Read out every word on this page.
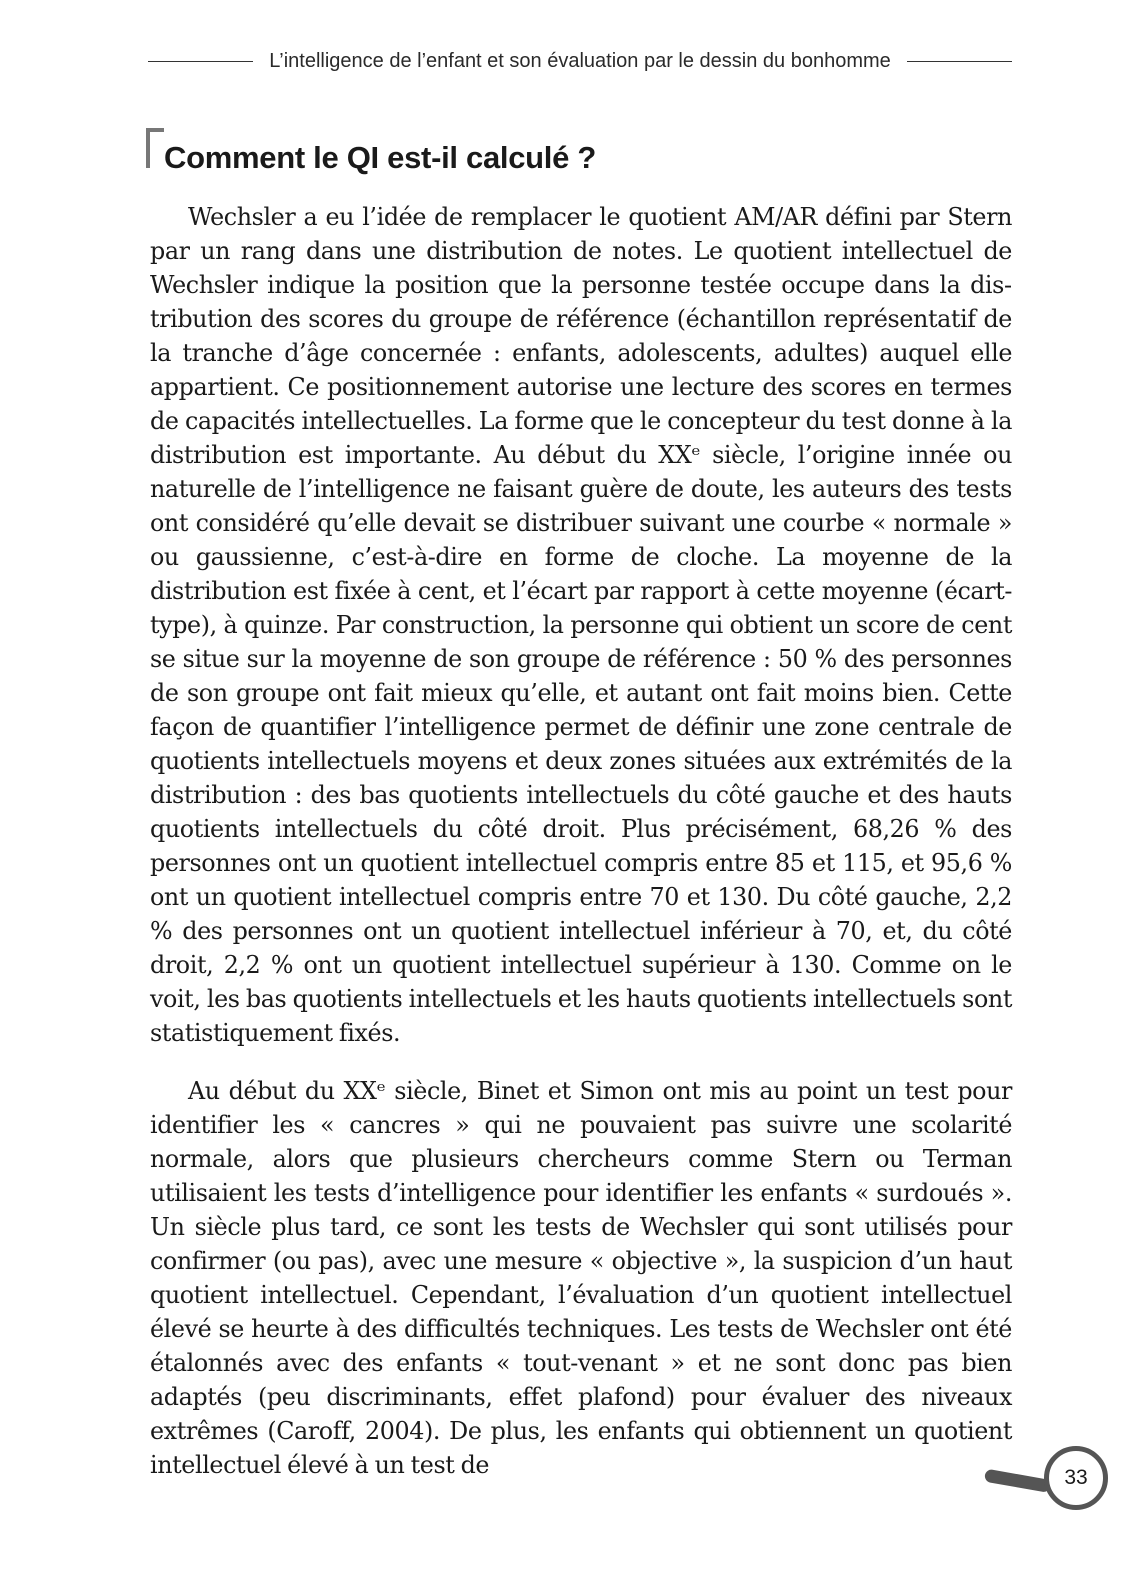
L’intelligence de l’enfant et son évaluation par le dessin du bonhomme
Comment le QI est-il calculé ?

Wechsler a eu l’idée de remplacer le quotient AM/AR défini par Stern par un rang dans une distribution de notes. Le quotient intellectuel de Wechsler indique la position que la personne testée occupe dans la distribution des scores du groupe de référence (échantillon représentatif de la tranche d’âge concernée : enfants, adolescents, adultes) auquel elle appartient. Ce positionnement autorise une lecture des scores en termes de capacités intellectuelles. La forme que le concepteur du test donne à la distribution est importante. Au début du XXᵉ siècle, l’origine innée ou naturelle de l’intelligence ne faisant guère de doute, les auteurs des tests ont considéré qu’elle devait se distribuer suivant une courbe « normale » ou gaussienne, c’est-à-dire en forme de cloche. La moyenne de la distribution est fixée à cent, et l’écart par rapport à cette moyenne (écart-type), à quinze. Par construction, la personne qui obtient un score de cent se situe sur la moyenne de son groupe de référence : 50 % des personnes de son groupe ont fait mieux qu’elle, et autant ont fait moins bien. Cette façon de quantifier l’intelligence permet de définir une zone centrale de quotients intellectuels moyens et deux zones situées aux extrémités de la distribution : des bas quotients intellectuels du côté gauche et des hauts quotients intellectuels du côté droit. Plus précisément, 68,26 % des personnes ont un quotient intellectuel compris entre 85 et 115, et 95,6 % ont un quotient intellectuel compris entre 70 et 130. Du côté gauche, 2,2 % des personnes ont un quotient intellectuel inférieur à 70, et, du côté droit, 2,2 % ont un quotient intellectuel supérieur à 130. Comme on le voit, les bas quotients intellectuels et les hauts quotients intellectuels sont statistiquement fixés.

Au début du XXᵉ siècle, Binet et Simon ont mis au point un test pour identifier les « cancres » qui ne pouvaient pas suivre une scolarité normale, alors que plusieurs chercheurs comme Stern ou Terman utilisaient les tests d’intelligence pour identifier les enfants « surdoués ». Un siècle plus tard, ce sont les tests de Wechsler qui sont utilisés pour confirmer (ou pas), avec une mesure « objective », la suspicion d’un haut quotient intellectuel. Cependant, l’évaluation d’un quotient intellectuel élevé se heurte à des difficultés techniques. Les tests de Wechsler ont été étalonnés avec des enfants « tout-venant » et ne sont donc pas bien adaptés (peu discriminants, effet plafond) pour évaluer des niveaux extrêmes (Caroff, 2004). De plus, les enfants qui obtiennent un quotient intellectuel élevé à un test de	33
